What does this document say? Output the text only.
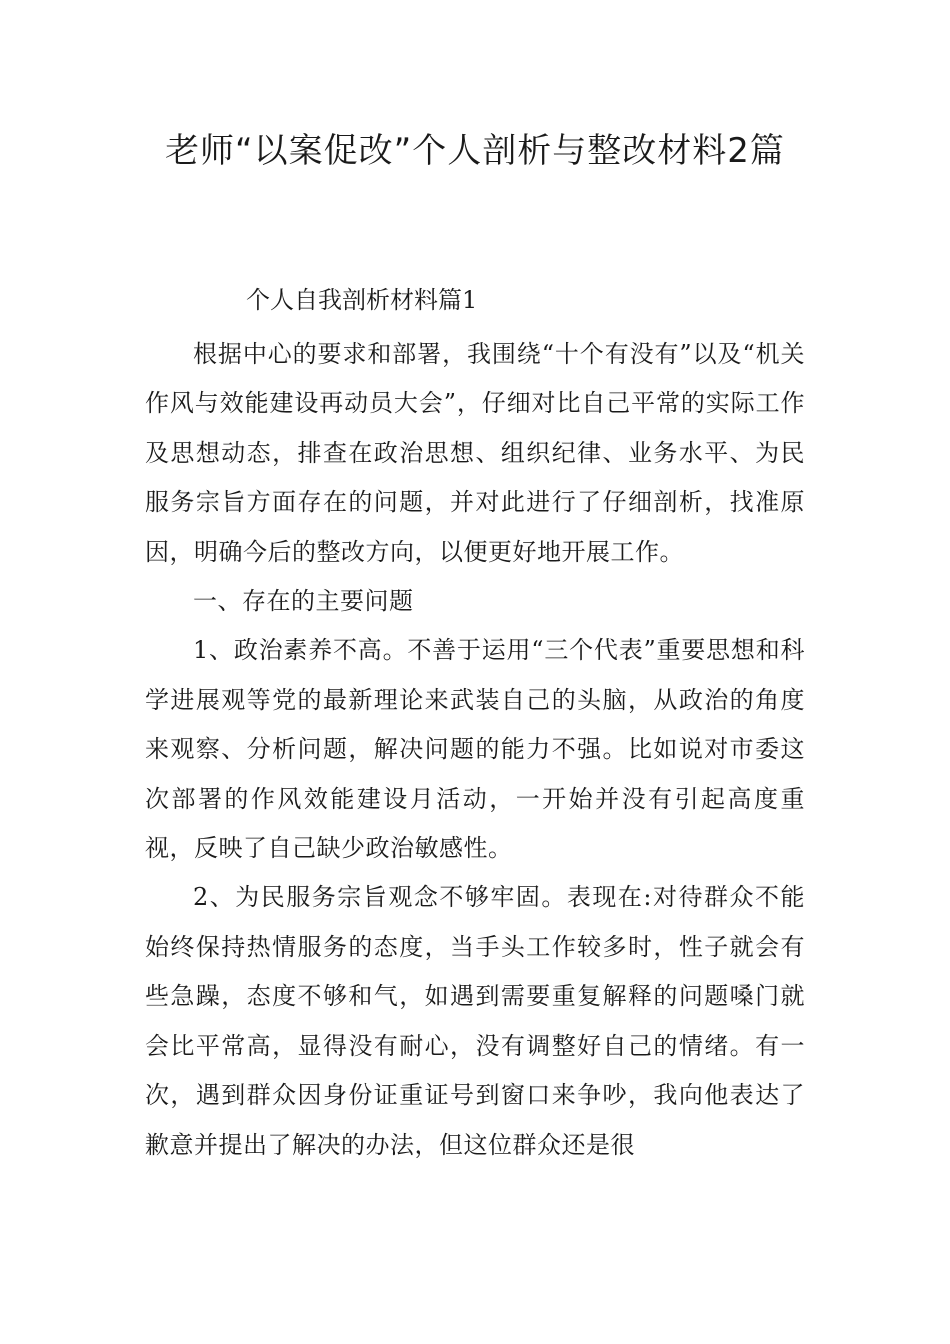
老师“以案促改”个人剖析与整改材料2篇

个人自我剖析材料篇1

根据中心的要求和部署，我围绕“十个有没有”以及“机关作风与效能建设再动员大会”，仔细对比自己平常的实际工作及思想动态，排查在政治思想、组织纪律、业务水平、为民服务宗旨方面存在的问题，并对此进行了仔细剖析，找准原因，明确今后的整改方向，以便更好地开展工作。

一、存在的主要问题

1、政治素养不高。不善于运用“三个代表”重要思想和科学进展观等党的最新理论来武装自己的头脑，从政治的角度来观察、分析问题，解决问题的能力不强。比如说对市委这次部署的作风效能建设月活动，一开始并没有引起高度重视，反映了自己缺少政治敏感性。

2、为民服务宗旨观念不够牢固。表现在:对待群众不能始终保持热情服务的态度，当手头工作较多时，性子就会有些急躁，态度不够和气，如遇到需要重复解释的问题嗓门就会比平常高，显得没有耐心，没有调整好自己的情绪。有一次，遇到群众因身份证重证号到窗口来争吵，我向他表达了歉意并提出了解决的办法，但这位群众还是很
